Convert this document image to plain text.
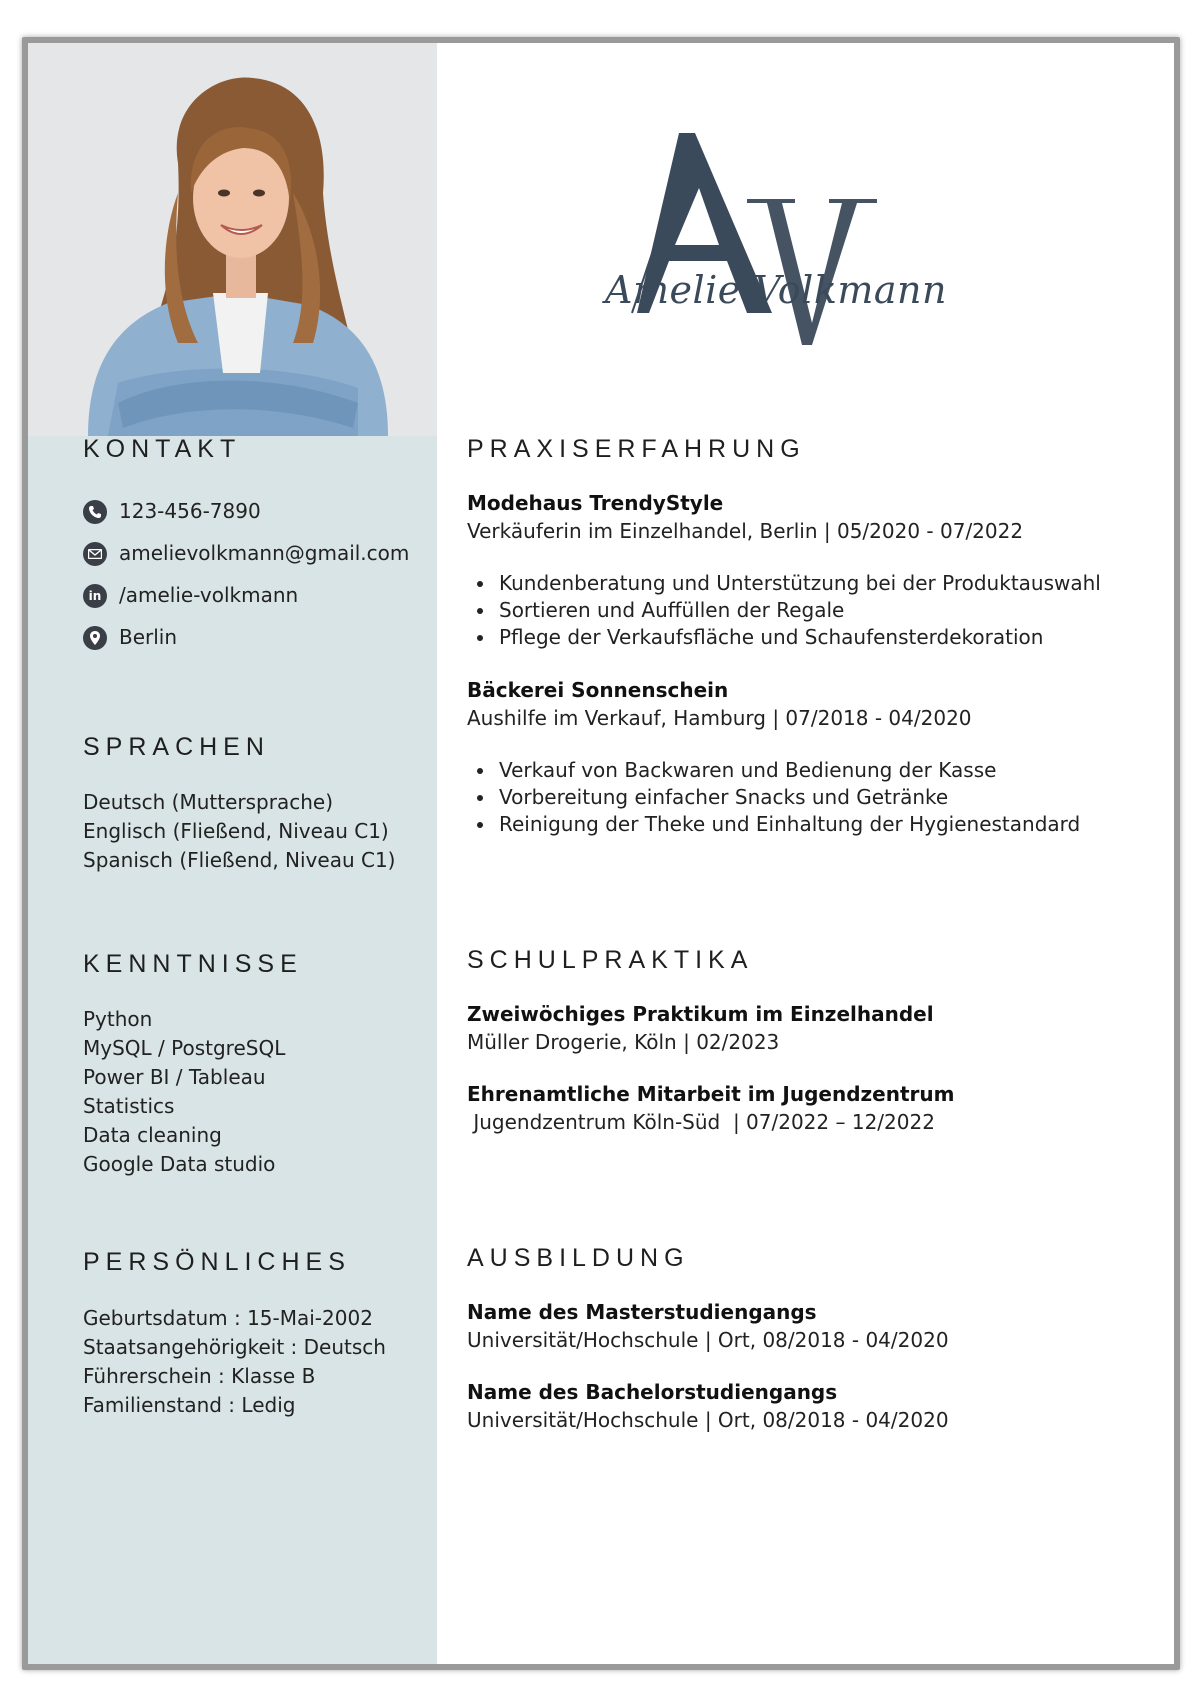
KONTAKT
123-456-7890
amelievolkmann@gmail.com
in /amelie-volkmann
Berlin
SPRACHEN
Deutsch (Muttersprache)
Englisch (Fließend, Niveau C1)
Spanisch (Fließend, Niveau C1)
KENNTNISSE
Python
MySQL / PostgreSQL
Power BI / Tableau
Statistics
Data cleaning
Google Data studio
PERSÖNLICHES
Geburtsdatum : 15-Mai-2002
Staatsangehörigkeit : Deutsch
Führerschein : Klasse B
Familienstand : Ledig
Amelie Volkmann
PRAXISERFAHRUNG
Modehaus TrendyStyle
Verkäuferin im Einzelhandel, Berlin | 05/2020 - 07/2022
Kundenberatung und Unterstützung bei der Produktauswahl
Sortieren und Auffüllen der Regale
Pflege der Verkaufsfläche und Schaufensterdekoration
Bäckerei Sonnenschein
Aushilfe im Verkauf, Hamburg | 07/2018 - 04/2020
Verkauf von Backwaren und Bedienung der Kasse
Vorbereitung einfacher Snacks und Getränke
Reinigung der Theke und Einhaltung der Hygienestandard
SCHULPRAKTIKA
Zweiwöchiges Praktikum im Einzelhandel
Müller Drogerie, Köln | 02/2023
Ehrenamtliche Mitarbeit im Jugendzentrum
Jugendzentrum Köln-Süd  | 07/2022 – 12/2022
AUSBILDUNG
Name des Masterstudiengangs
Universität/Hochschule | Ort, 08/2018 - 04/2020
Name des Bachelorstudiengangs
Universität/Hochschule | Ort, 08/2018 - 04/2020
